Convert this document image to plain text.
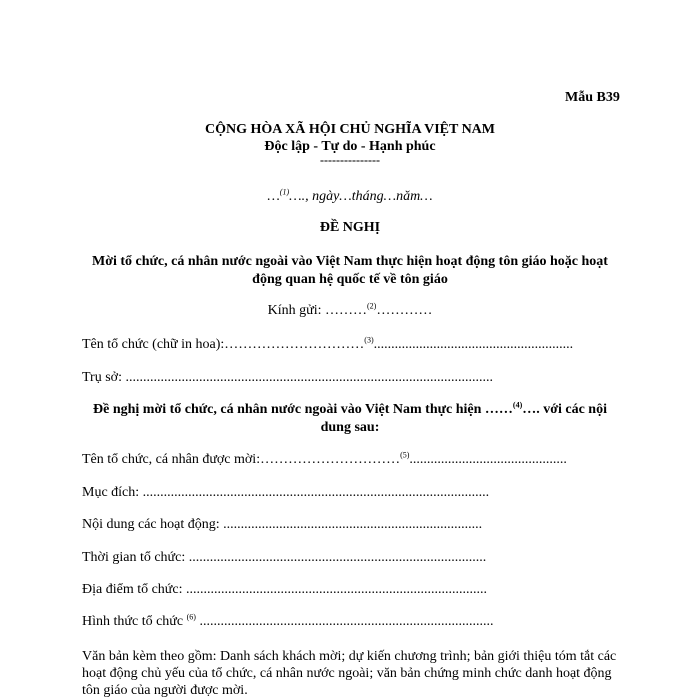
Mẫu B39
CỘNG HÒA XÃ HỘI CHỦ NGHĨA VIỆT NAM
Độc lập - Tự do - Hạnh phúc
---------------
…$^{(1)}$…., ngày…tháng…năm…
ĐỀ NGHỊ
Mời tổ chức, cá nhân nước ngoài vào Việt Nam thực hiện hoạt động tôn giáo hoặc hoạt
động quan hệ quốc tế về tôn giáo
Kính gửi: ………$^{(2)}$…………
Tên tổ chức (chữ in hoa):…………………………$^{(3)}$.........................................................
Trụ sở: .........................................................................................................
Đề nghị mời tổ chức, cá nhân nước ngoài vào Việt Nam thực hiện ……$^{(4)}$…. với các nội
dung sau:
Tên tổ chức, cá nhân được mời:…………………………$^{(5)}$.............................................
Mục đích: ...................................................................................................
Nội dung các hoạt động: ..........................................................................
Thời gian tổ chức: .....................................................................................
Địa điểm tổ chức: ......................................................................................
Hình thức tổ chức $^{(6)}$ ....................................................................................
Văn bản kèm theo gồm: Danh sách khách mời; dự kiến chương trình; bản giới thiệu tóm tắt các hoạt động chủ yếu của tổ chức, cá nhân nước ngoài; văn bản chứng minh chức danh hoạt động tôn giáo của người được mời.
